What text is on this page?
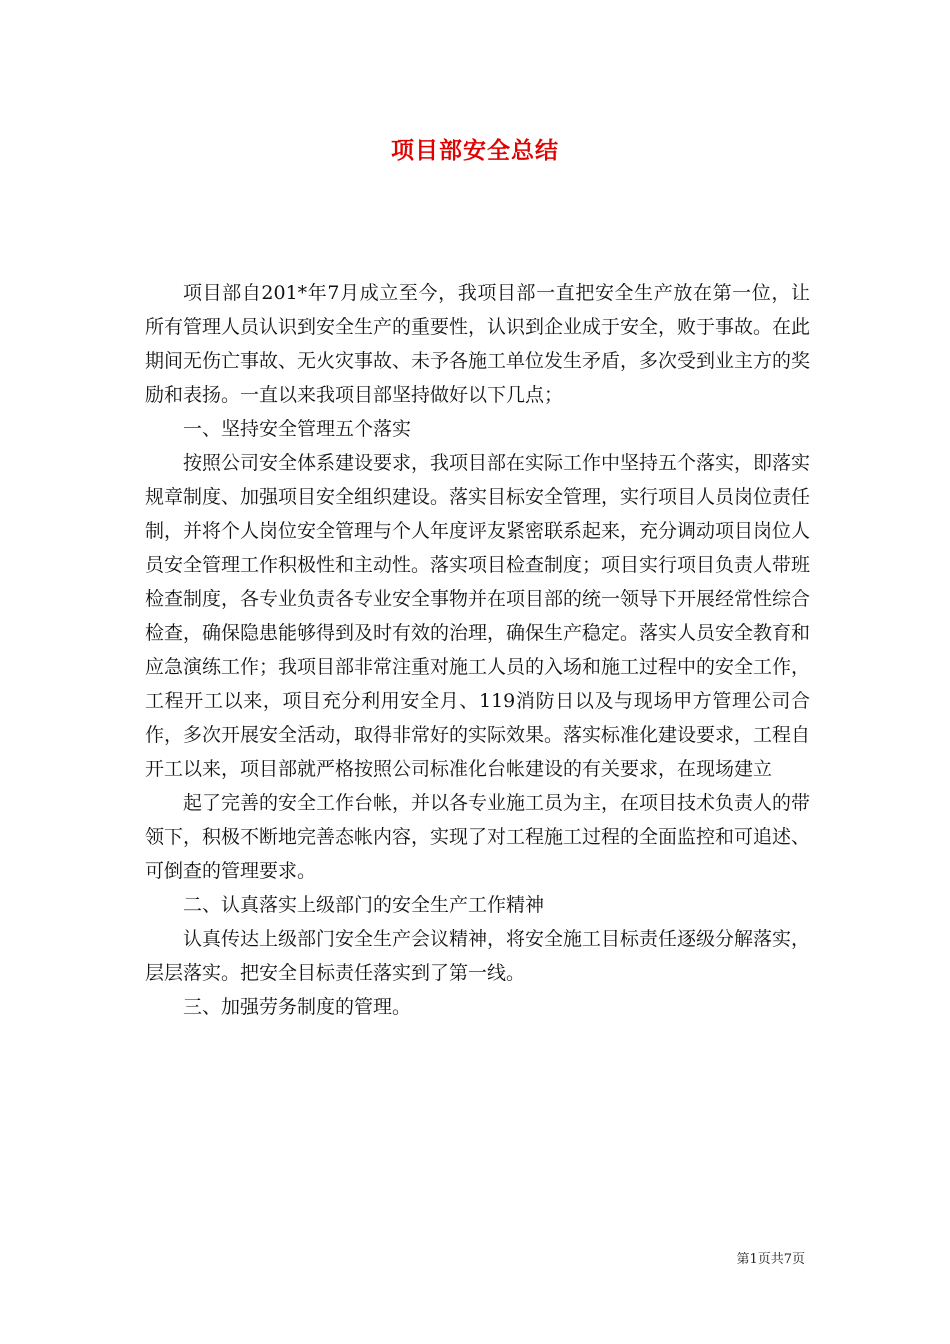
项目部安全总结

项目部自201*年7月成立至今，我项目部一直把安全生产放在第一位，让所有管理人员认识到安全生产的重要性，认识到企业成于安全，败于事故。在此期间无伤亡事故、无火灾事故、未予各施工单位发生矛盾，多次受到业主方的奖励和表扬。一直以来我项目部坚持做好以下几点；

一、坚持安全管理五个落实

按照公司安全体系建设要求，我项目部在实际工作中坚持五个落实，即落实规章制度、加强项目安全组织建设。落实目标安全管理，实行项目人员岗位责任制，并将个人岗位安全管理与个人年度评友紧密联系起来，充分调动项目岗位人员安全管理工作积极性和主动性。落实项目检查制度；项目实行项目负责人带班检查制度，各专业负责各专业安全事物并在项目部的统一领导下开展经常性综合检查，确保隐患能够得到及时有效的治理，确保生产稳定。落实人员安全教育和应急演练工作；我项目部非常注重对施工人员的入场和施工过程中的安全工作，工程开工以来，项目充分利用安全月、119消防日以及与现场甲方管理公司合作，多次开展安全活动，取得非常好的实际效果。落实标准化建设要求，工程自开工以来，项目部就严格按照公司标准化台帐建设的有关要求，在现场建立

起了完善的安全工作台帐，并以各专业施工员为主，在项目技术负责人的带领下，积极不断地完善态帐内容，实现了对工程施工过程的全面监控和可追述、可倒查的管理要求。

二、认真落实上级部门的安全生产工作精神

认真传达上级部门安全生产会议精神，将安全施工目标责任逐级分解落实，层层落实。把安全目标责任落实到了第一线。

三、加强劳务制度的管理。

第1页共7页
